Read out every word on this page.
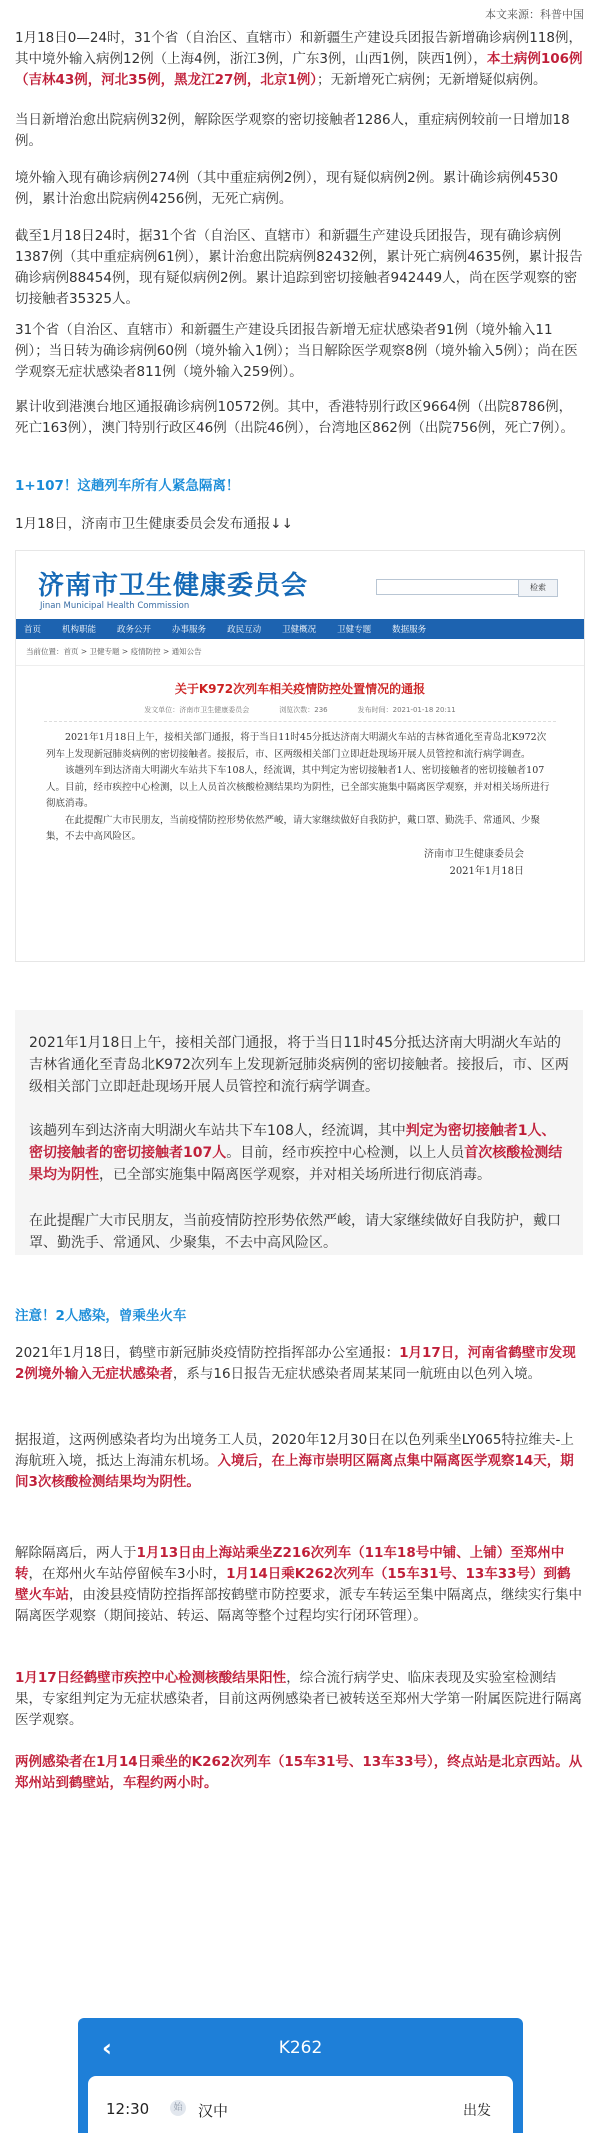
本文来源：科普中国
1月18日0—24时，31个省（自治区、直辖市）和新疆生产建设兵团报告新增确诊病例118例，其中境外输入病例12例（上海4例，浙江3例，广东3例，山西1例，陕西1例），本土病例106例（吉林43例，河北35例，黑龙江27例，北京1例）；无新增死亡病例；无新增疑似病例。
当日新增治愈出院病例32例，解除医学观察的密切接触者1286人，重症病例较前一日增加18例。
境外输入现有确诊病例274例（其中重症病例2例），现有疑似病例2例。累计确诊病例4530例，累计治愈出院病例4256例，无死亡病例。
截至1月18日24时，据31个省（自治区、直辖市）和新疆生产建设兵团报告，现有确诊病例1387例（其中重症病例61例），累计治愈出院病例82432例，累计死亡病例4635例，累计报告确诊病例88454例，现有疑似病例2例。累计追踪到密切接触者942449人，尚在医学观察的密切接触者35325人。
31个省（自治区、直辖市）和新疆生产建设兵团报告新增无症状感染者91例（境外输入11例）；当日转为确诊病例60例（境外输入1例）；当日解除医学观察8例（境外输入5例）；尚在医学观察无症状感染者811例（境外输入259例）。
累计收到港澳台地区通报确诊病例10572例。其中，香港特别行政区9664例（出院8786例，死亡163例），澳门特别行政区46例（出院46例），台湾地区862例（出院756例，死亡7例）。
1+107！这趟列车所有人紧急隔离！
1月18日，济南市卫生健康委员会发布通报↓↓
济南市卫生健康委员会
Jinan Municipal Health Commission
检索
首页 机构职能 政务公开 办事服务 政民互动 卫健概况 卫健专题 数据服务
当前位置：首页 > 卫健专题 > 疫情防控 > 通知公告
关于K972次列车相关疫情防控处置情况的通报
发文单位：济南市卫生健康委员会	浏览次数：236	发布时间：2021-01-18 20:11

2021年1月18日上午，接相关部门通报，将于当日11时45分抵达济南大明湖火车站的吉林省通化至青岛北K972次列车上发现新冠肺炎病例的密切接触者。接报后，市、区两级相关部门立即赶赴现场开展人员管控和流行病学调查。

该趟列车到达济南大明湖火车站共下车108人，经流调，其中判定为密切接触者1人、密切接触者的密切接触者107人。目前，经市疾控中心检测，以上人员首次核酸检测结果均为阴性，已全部实施集中隔离医学观察，并对相关场所进行彻底消毒。

在此提醒广大市民朋友，当前疫情防控形势依然严峻，请大家继续做好自我防护，戴口罩、勤洗手、常通风、少聚集，不去中高风险区。

济南市卫生健康委员会
2021年1月18日
2021年1月18日上午，接相关部门通报，将于当日11时45分抵达济南大明湖火车站的吉林省通化至青岛北K972次列车上发现新冠肺炎病例的密切接触者。接报后，市、区两级相关部门立即赶赴现场开展人员管控和流行病学调查。
该趟列车到达济南大明湖火车站共下车108人，经流调，其中判定为密切接触者1人、密切接触者的密切接触者107人。目前，经市疾控中心检测，以上人员首次核酸检测结果均为阴性，已全部实施集中隔离医学观察，并对相关场所进行彻底消毒。
在此提醒广大市民朋友，当前疫情防控形势依然严峻，请大家继续做好自我防护，戴口罩、勤洗手、常通风、少聚集，不去中高风险区。
注意！2人感染，曾乘坐火车
2021年1月18日，鹤壁市新冠肺炎疫情防控指挥部办公室通报：1月17日，河南省鹤壁市发现2例境外输入无症状感染者，系与16日报告无症状感染者周某某同一航班由以色列入境。
据报道，这两例感染者均为出境务工人员，2020年12月30日在以色列乘坐LY065特拉维夫-上海航班入境，抵达上海浦东机场。入境后，在上海市崇明区隔离点集中隔离医学观察14天，期间3次核酸检测结果均为阴性。
解除隔离后，两人于1月13日由上海站乘坐Z216次列车（11车18号中铺、上铺）至郑州中转，在郑州火车站停留候车3小时，1月14日乘K262次列车（15车31号、13车33号）到鹤壁火车站，由浚县疫情防控指挥部按鹤壁市防控要求，派专车转运至集中隔离点，继续实行集中隔离医学观察（期间接站、转运、隔离等整个过程均实行闭环管理）。
1月17日经鹤壁市疾控中心检测核酸结果阳性，综合流行病学史、临床表现及实验室检测结果，专家组判定为无症状感染者，目前这两例感染者已被转送至郑州大学第一附属医院进行隔离医学观察。
两例感染者在1月14日乘坐的K262次列车（15车31号、13车33号），终点站是北京西站。从郑州站到鹤壁站，车程约两小时。
‹	K262
12:30	始 汉中	出发
